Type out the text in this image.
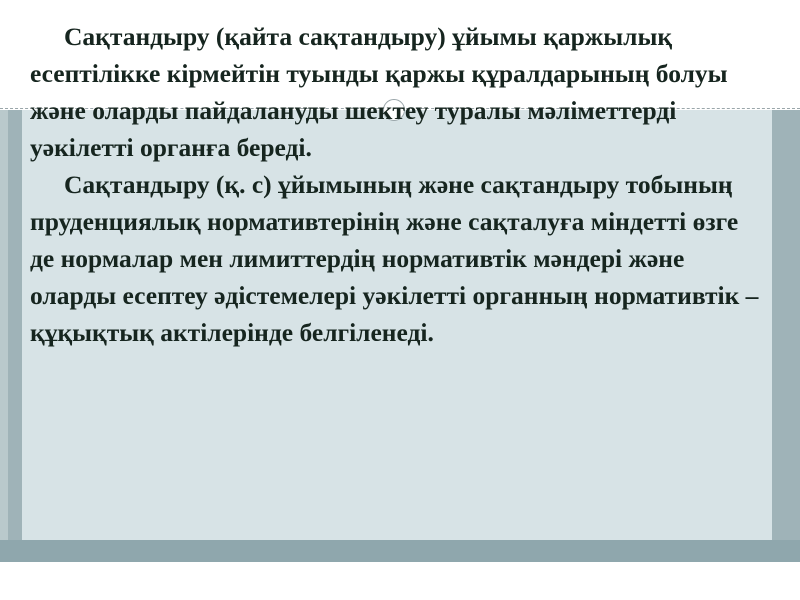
Сақтандыру (қайта сақтандыру) ұйымы қаржылық есептілікке кірмейтін туынды қаржы құралдарының болуы және оларды пайдалануды шектеу туралы мәліметтерді уәкілетті органға береді.

Сақтандыру (қ. с) ұйымының және сақтандыру тобының пруденциялық нормативтерінің және сақталуға міндетті өзге де нормалар мен лимиттердің нормативтік мәндері және оларды есептеу әдістемелері уәкілетті органның нормативтік – құқықтық актілерінде белгіленеді.
